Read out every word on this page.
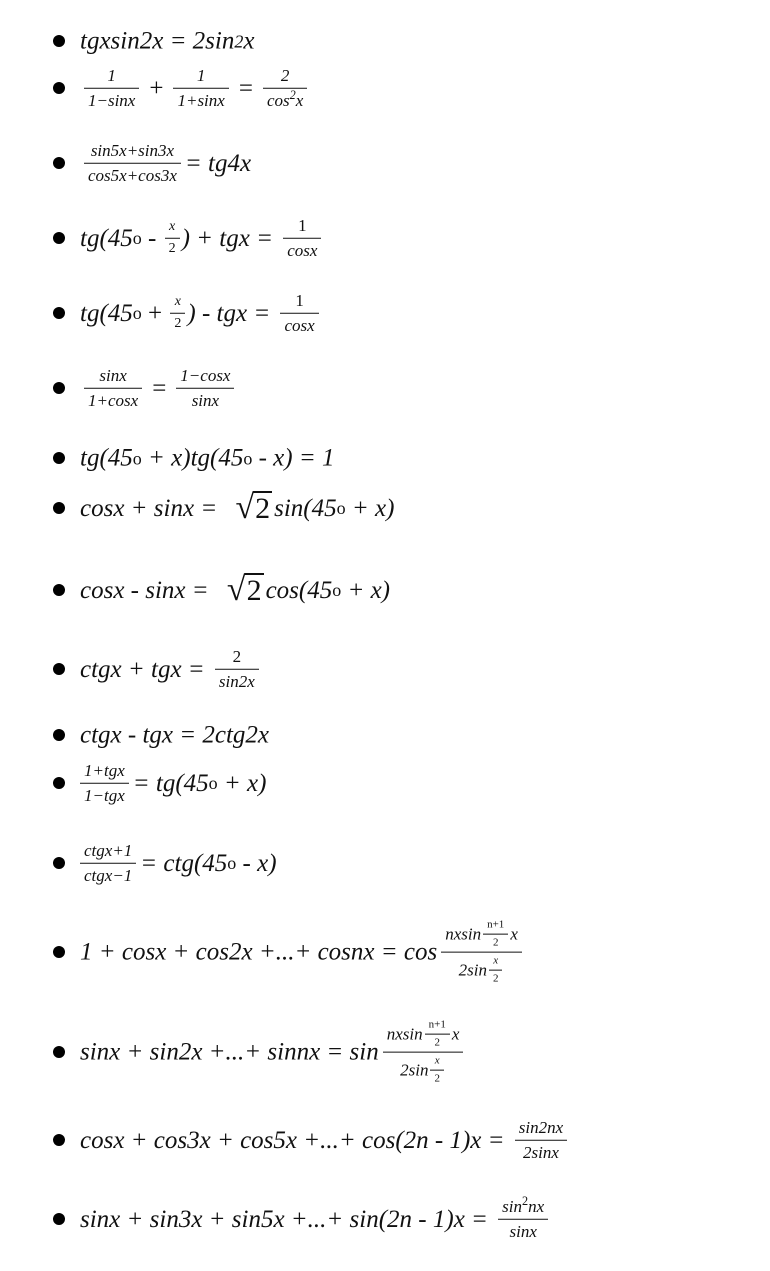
tgxsin2x = 2sin 2 x
$\frac{1}{1-\sin x} + \frac{1}{1+\sin x} = \frac{2}{\cos^2x}$
$\frac{\sin 5x+\sin 3x}{\cos 5x+\cos 3x} = tg4x$
tg(45 o - $\frac{x}{2}$ ) + tgx = $\frac{1}{\cos x}$
tg(45 $o + \frac{x}{2}$ ) - tgx = $\frac{1}{\cos x}$
$\frac{\sin x}{1+\cos x} = \frac{1-\cos x}{\sin x}$
tg(45 o + x)tg(45 o - x) = 1
cosx + sinx = √ 2 sin(45 o + x)
cosx - sinx = √ 2 cos(45 o + x)
ctgx + tgx = $\frac{2}{\sin 2x}$
ctgx - tgx = 2ctg2x
$\frac{\text{1+tgx}}{\text{1−tgx}} = tg(45$ o + x)
$\frac{\text{ctgx+1}}{\text{ctgx−1}} = ctg(45$ o - x)
1 + cosx + cos2x +...+ cosnx = cos
nxsin $\frac{n+1}{2}$ x
$2\sin \frac{x}{2}$
sinx + sin2x +...+ sinnx = sin
nxsin $\frac{n+1}{2}$ x
$2\sin \frac{x}{2}$
cosx + cos3x + cos5x +...+ $\cos(2n - 1)x = \frac{\sin 2nx}{2\sin x}$
sinx + sin3x + sin5x +...+ $\sin(2n - 1)x = \frac{\sin^2nx}{\sin x}$
